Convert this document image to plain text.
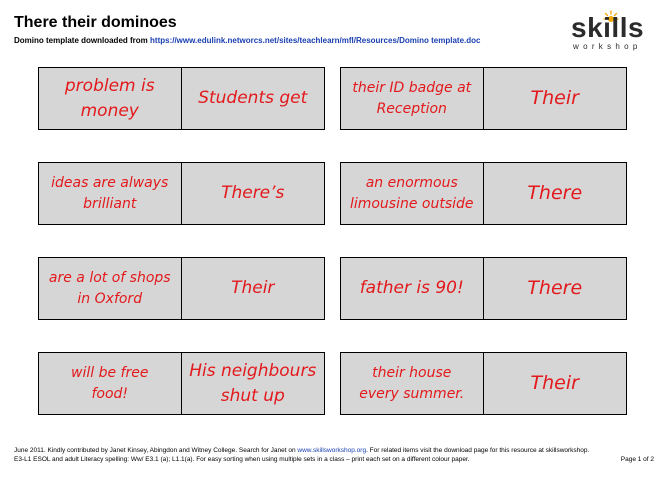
There their dominoes
Domino template downloaded from https://www.edulink.networcs.net/sites/teachlearn/mfl/Resources/Domino template.doc	skills
workshop
problem is money
Students get	their ID badge at Reception	Their
ideas are always brilliant
There’s	an enormous limousine outside	There
are a lot of shops in Oxford
Their	father is 90!	There
will be free food!
His neighbours shut up
their house every summer.	Their
June 2011. Kindly contributed by Janet Kinsey, Abingdon and Witney College. Search for Janet on www.skillsworkshop.org. For related items visit the download page for this resource at skillsworkshop.
E3-L1 ESOL and adult Literacy spelling: Ww/ E3.1 (a); L1.1(a). For easy sorting when using multiple sets in a class – print each set on a different colour paper.	Page 1 of 2
